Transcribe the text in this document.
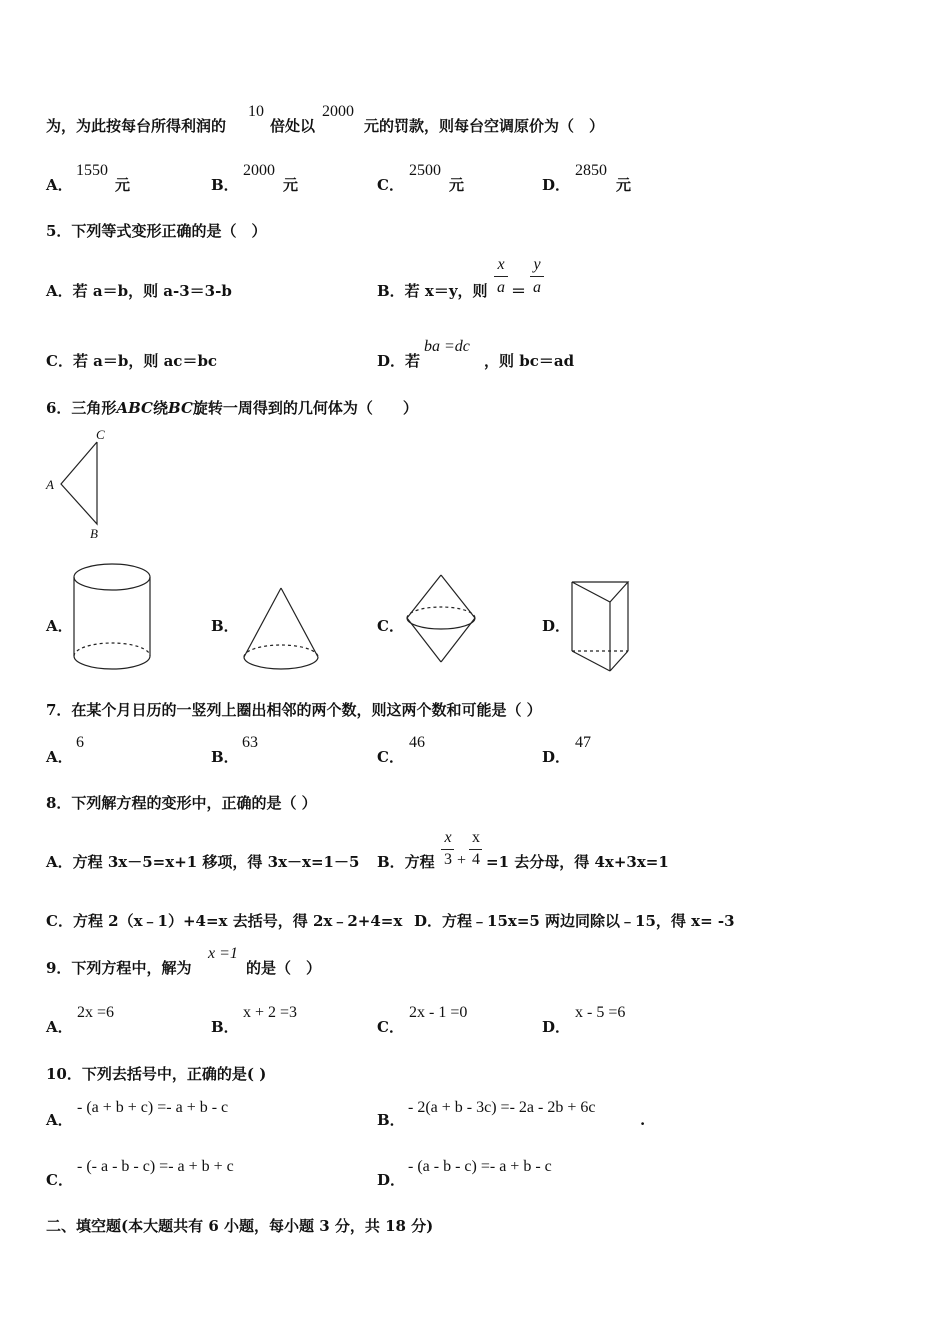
为，为此按每台所得利润的
10
倍处以
2000
元的罚款，则每台空调原价为（　）
A．
1550
元	B．
2000
元	C．
2500
元	D．
2850
元
5．下列等式变形正确的是（　）
A．若 a＝b，则 a-3＝3-b	B．若 x＝y，则
x
a ＝
y
a
C．若 a＝b，则 ac＝bc	D．若
ba =dc
，则 bc＝ad
6．三角形ABC绕BC旋转一周得到的几何体为（　　）
C
A
B
A．	B．	C．	D．
7．在某个月日历的一竖列上圈出相邻的两个数，则这两个数和可能是（ ）
A．
6
B．
63
C．
46
D．
47
8．下列解方程的变形中，正确的是（ ）
A．方程 3x－5=x+1 移项，得 3x－x=1－5 B．方程
x
3 +
x
4 =1 去分母，得 4x+3x=1
C．方程 2（x﹣1）+4=x 去括号，得 2x﹣2+4=x D．方程﹣15x=5 两边同除以﹣15，得 x= -3
9．下列方程中，解为
x =1
的是（　）
A．
2x =6
B．
x + 2 =3
C．
2x - 1 =0
D．
x - 5 =6
10．下列去括号中，正确的是( )
A．
- (a + b + c) =- a + b - c
B．
- 2(a + b - 3c) =- 2a - 2b + 6c
.
C．
- (- a - b - c) =- a + b + c
D．
- (a - b - c) =- a + b - c
二、填空题(本大题共有 6 小题，每小题 3 分，共 18 分)
